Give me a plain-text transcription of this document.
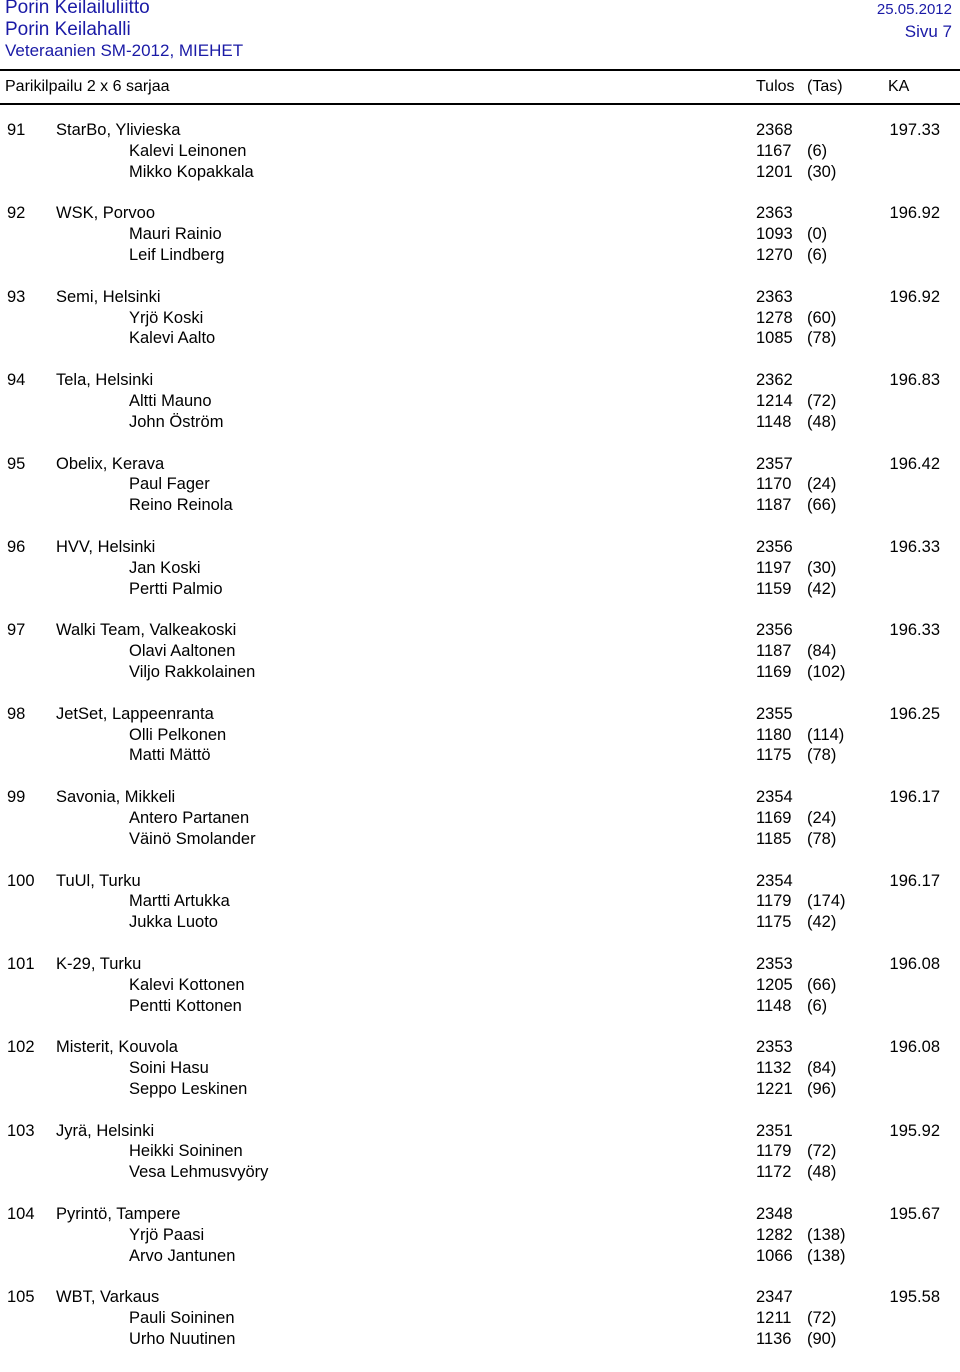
Porin Keilailuliitto	25.05.2012
Porin Keilahalli	Sivu 7
Veteraanien SM-2012, MIEHET
Parikilpailu 2 x 6 sarjaa	Tulos (Tas)	KA
91 StarBo, Ylivieska	2368	197.33
Kalevi Leinonen	1167 (6)
Mikko Kopakkala	1201 (30)
92 WSK, Porvoo	2363	196.92
Mauri Rainio	1093 (0)
Leif Lindberg	1270 (6)
93 Semi, Helsinki	2363	196.92
Yrjö Koski	1278 (60)
Kalevi Aalto	1085 (78)
94 Tela, Helsinki	2362	196.83
Altti Mauno	1214 (72)
John Öström	1148 (48)
95 Obelix, Kerava	2357	196.42
Paul Fager	1170 (24)
Reino Reinola	1187 (66)
96 HVV, Helsinki	2356	196.33
Jan Koski	1197 (30)
Pertti Palmio	1159 (42)
97 Walki Team, Valkeakoski	2356	196.33
Olavi Aaltonen	1187 (84)
Viljo Rakkolainen	1169 (102)
98 JetSet, Lappeenranta	2355	196.25
Olli Pelkonen	1180 (114)
Matti Mättö	1175 (78)
99 Savonia, Mikkeli	2354	196.17
Antero Partanen	1169 (24)
Väinö Smolander	1185 (78)
100 TuUl, Turku	2354	196.17
Martti Artukka	1179 (174)
Jukka Luoto	1175 (42)
101 K-29, Turku	2353	196.08
Kalevi Kottonen	1205 (66)
Pentti Kottonen	1148 (6)
102 Misterit, Kouvola	2353	196.08
Soini Hasu	1132 (84)
Seppo Leskinen	1221 (96)
103 Jyrä, Helsinki	2351	195.92
Heikki Soininen	1179 (72)
Vesa Lehmusvyöry	1172 (48)
104 Pyrintö, Tampere	2348	195.67
Yrjö Paasi	1282 (138)
Arvo Jantunen	1066 (138)
105 WBT, Varkaus	2347	195.58
Pauli Soininen	1211 (72)
Urho Nuutinen	1136 (90)
